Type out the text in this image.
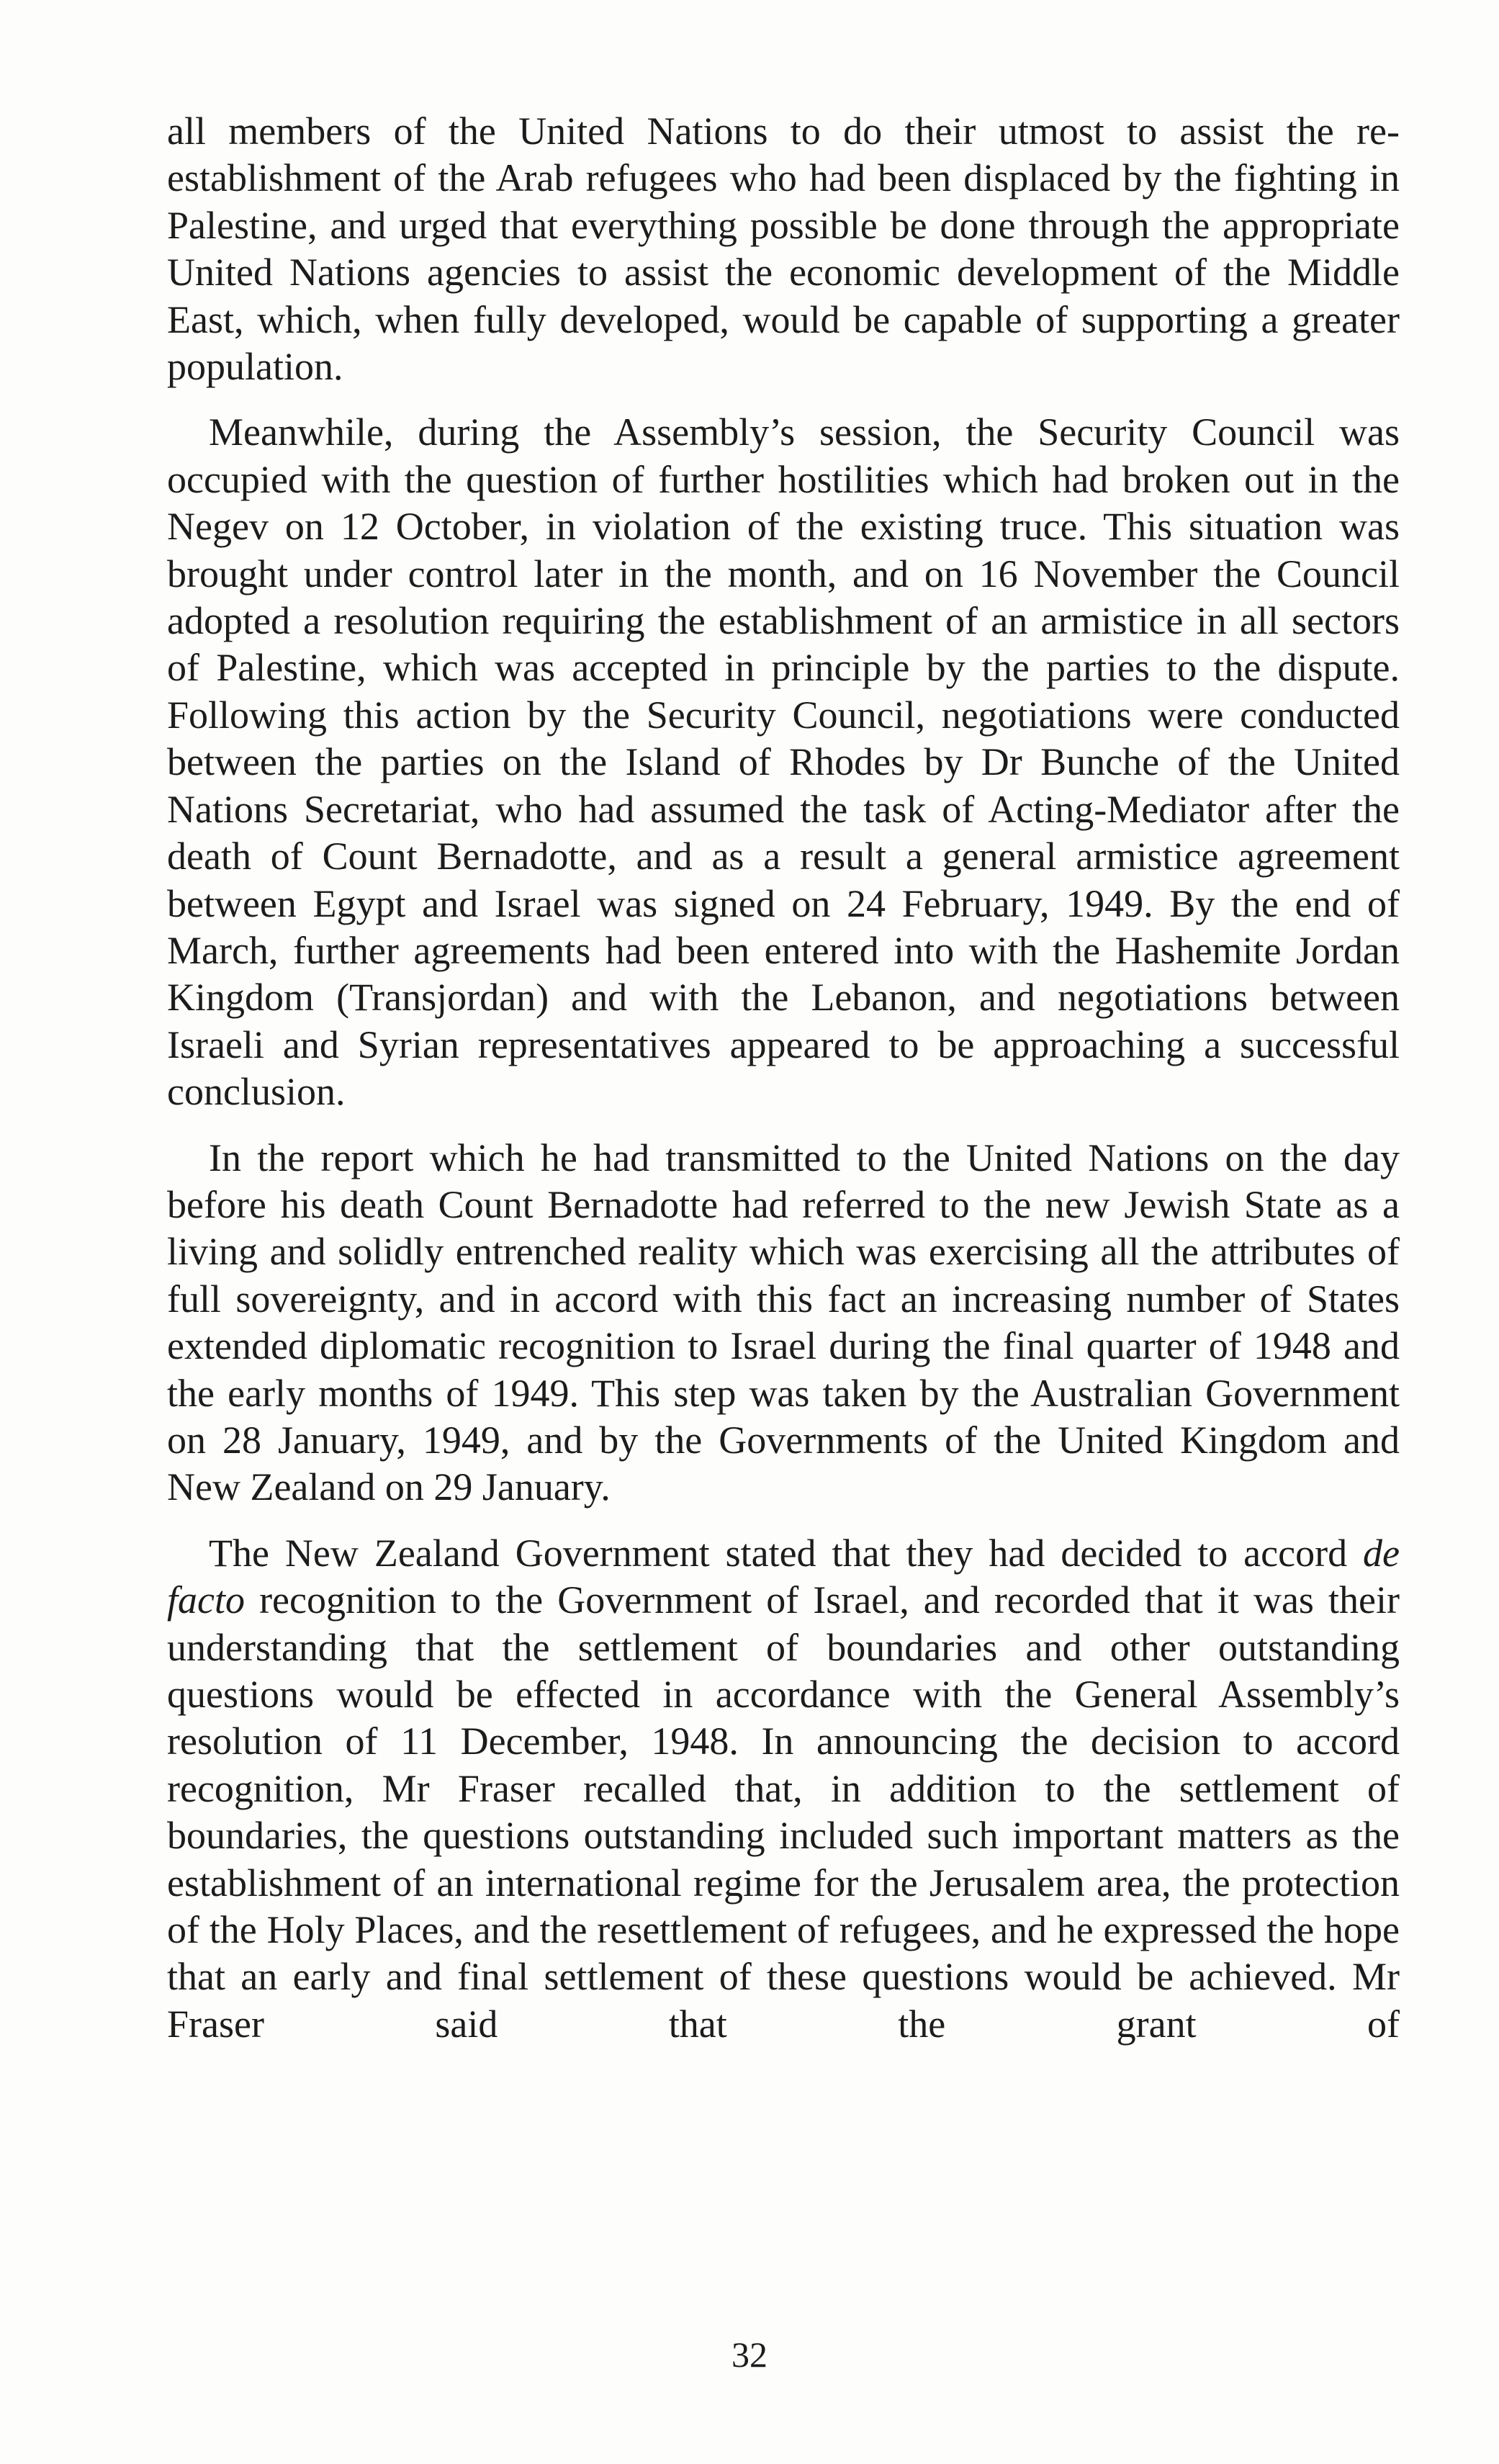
all members of the United Nations to do their utmost to assist the re-establishment of the Arab refugees who had been displaced by the fighting in Palestine, and urged that everything possible be done through the appropriate United Nations agencies to assist the economic development of the Middle East, which, when fully developed, would be capable of supporting a greater population.

Meanwhile, during the Assembly’s session, the Security Council was occupied with the question of further hostilities which had broken out in the Negev on 12 October, in violation of the existing truce. This situation was brought under control later in the month, and on 16 November the Council adopted a resolution requiring the establishment of an armistice in all sectors of Palestine, which was accepted in principle by the parties to the dispute. Following this action by the Security Council, negotiations were conducted between the parties on the Island of Rhodes by Dr Bunche of the United Nations Secretariat, who had assumed the task of Acting-Mediator after the death of Count Bernadotte, and as a result a general armistice agreement between Egypt and Israel was signed on 24 February, 1949. By the end of March, further agreements had been entered into with the Hashemite Jordan Kingdom (Transjordan) and with the Lebanon, and negotiations between Israeli and Syrian representatives appeared to be approaching a successful conclusion.

In the report which he had transmitted to the United Nations on the day before his death Count Bernadotte had referred to the new Jewish State as a living and solidly entrenched reality which was exercising all the attributes of full sovereignty, and in accord with this fact an increasing number of States extended diplomatic recognition to Israel during the final quarter of 1948 and the early months of 1949. This step was taken by the Australian Government on 28 January, 1949, and by the Governments of the United Kingdom and New Zealand on 29 January.

The New Zealand Government stated that they had decided to accord de facto recognition to the Government of Israel, and recorded that it was their understanding that the settlement of boundaries and other outstanding questions would be effected in accordance with the General Assembly’s resolution of 11 December, 1948. In announcing the decision to accord recognition, Mr Fraser recalled that, in addition to the settlement of boundaries, the questions outstanding included such important matters as the establishment of an international regime for the Jerusalem area, the protection of the Holy Places, and the resettlement of refugees, and he expressed the hope that an early and final settlement of these questions would be achieved. Mr Fraser said that the grant of

32
